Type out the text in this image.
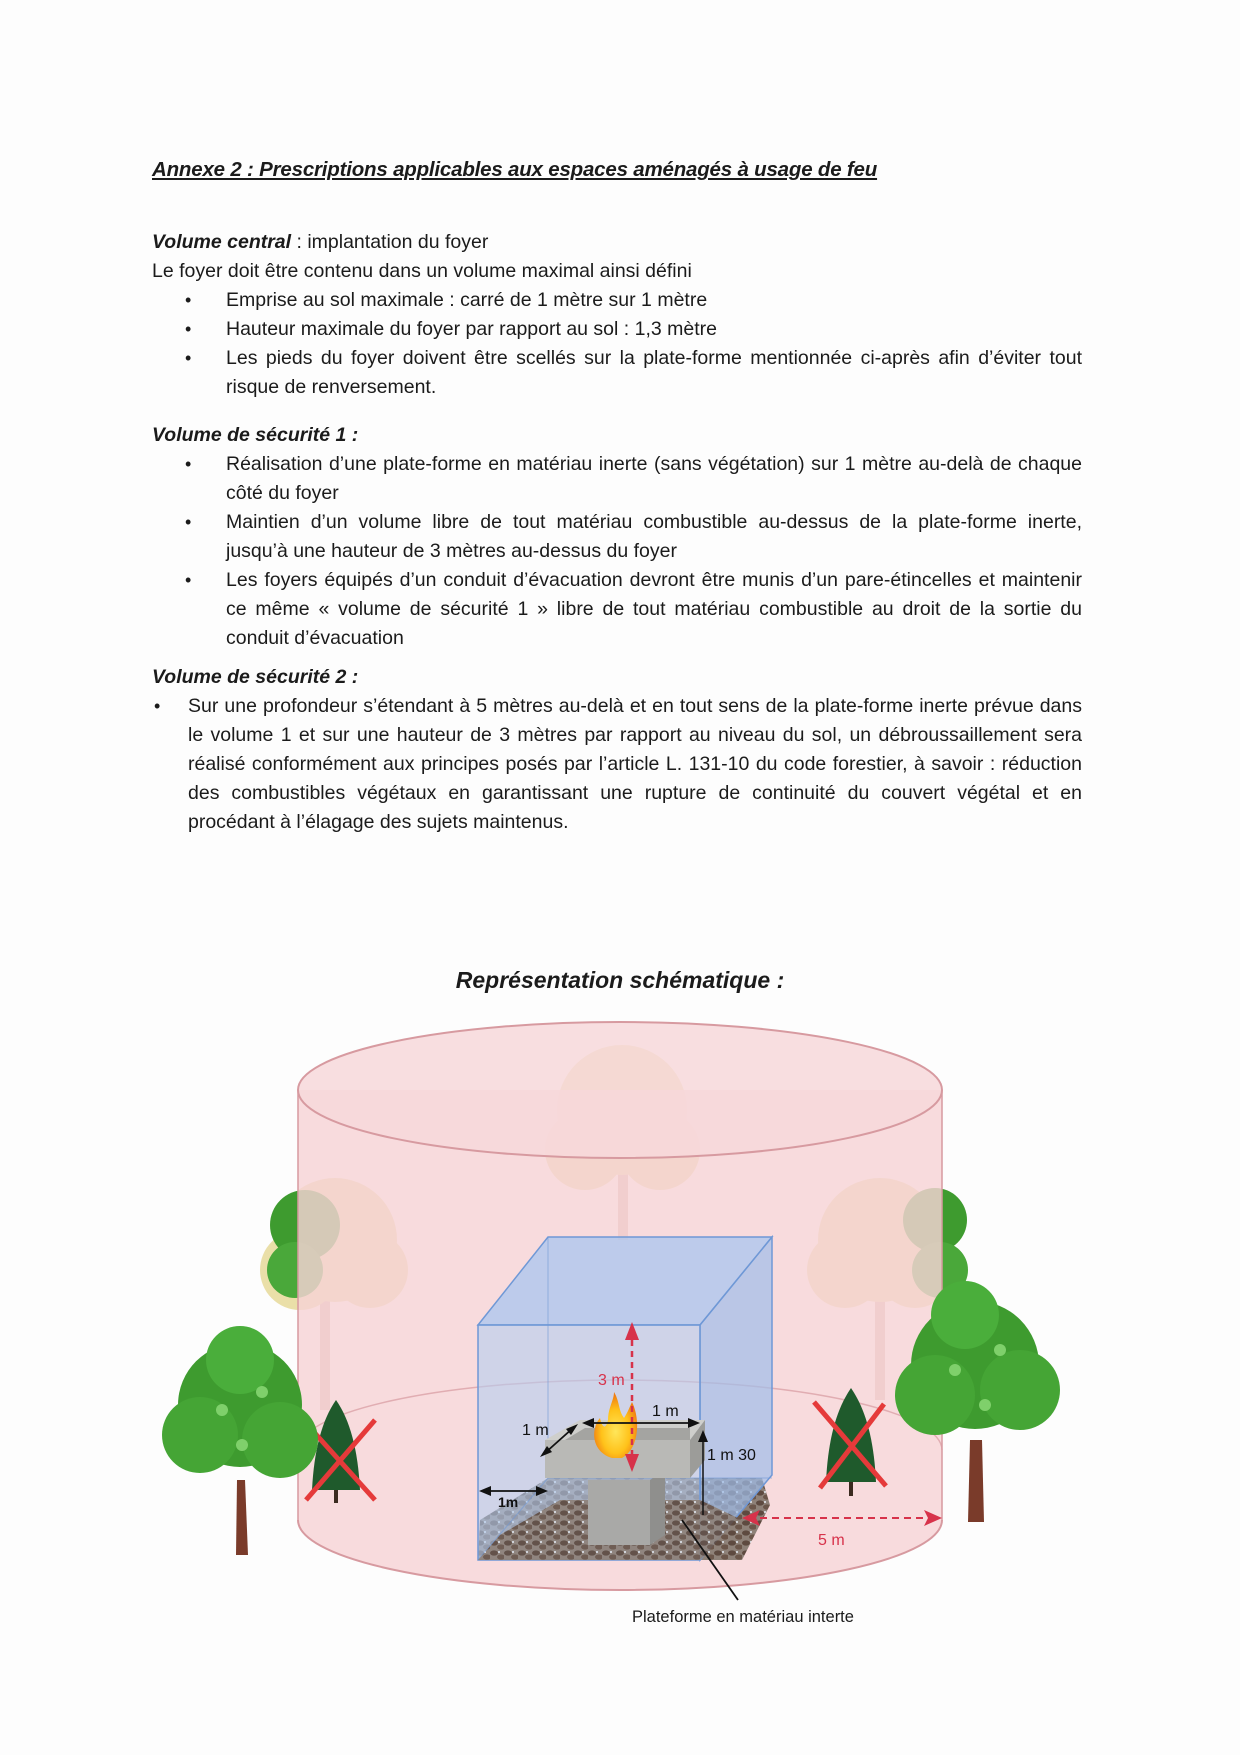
Annexe 2 : Prescriptions applicables aux espaces aménagés à usage de feu
Volume central : implantation du foyer
Le foyer doit être contenu dans un volume maximal ainsi défini
• Emprise au sol maximale : carré de 1 mètre sur 1 mètre
• Hauteur maximale du foyer par rapport au sol : 1,3 mètre
• Les pieds du foyer doivent être scellés sur la plate-forme mentionnée ci-après afin d’éviter tout risque de renversement.
Volume de sécurité 1 :
• Réalisation d’une plate-forme en matériau inerte (sans végétation) sur 1 mètre au-delà de chaque côté du foyer
• Maintien d’un volume libre de tout matériau combustible au-dessus de la plate-forme inerte, jusqu’à une hauteur de 3 mètres au-dessus du foyer
• Les foyers équipés d’un conduit d’évacuation devront être munis d’un pare-étincelles et maintenir ce même « volume de sécurité 1 » libre de tout matériau combustible au droit de la sortie du conduit d’évacuation
Volume de sécurité 2 :
• Sur une profondeur s’étendant à 5 mètres au-delà et en tout sens de la plate-forme inerte prévue dans le volume 1 et sur une hauteur de 3 mètres par rapport au niveau du sol, un débroussaillement sera réalisé conformément aux principes posés par l’article L. 131-10 du code forestier, à savoir : réduction des combustibles végétaux en garantissant une rupture de continuité du couvert végétal et en procédant à l’élagage des sujets maintenus.
Représentation schématique :
3 m
1 m
1 m
1 m 30
1m
5 m
Plateforme en matériau interte
